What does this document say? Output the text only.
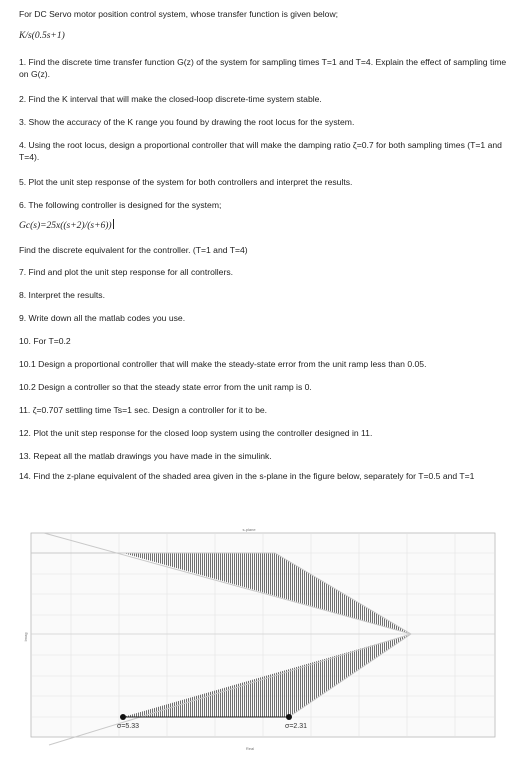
For DC Servo motor position control system, whose transfer function is given below;
K/s(0.5s+1)
1. Find the discrete time transfer function G(z) of the system for sampling times T=1 and T=4. Explain the effect of sampling time on G(z).
2. Find the K interval that will make the closed-loop discrete-time system stable.
3. Show the accuracy of the K range you found by drawing the root locus for the system.
4. Using the root locus, design a proportional controller that will make the damping ratio ζ=0.7 for both sampling times (T=1 and T=4).
5. Plot the unit step response of the system for both controllers and interpret the results.
6. The following controller is designed for the system;
Gc(s)=25x((s+2)/(s+6))
Find the discrete equivalent for the controller. (T=1 and T=4)
7. Find and plot the unit step response for all controllers.
8. Interpret the results.
9. Write down all the matlab codes you use.
10. For T=0.2
10.1 Design a proportional controller that will make the steady-state error from the unit ramp less than 0.05.
10.2 Design a controller so that the steady state error from the unit ramp is 0.
11. ζ=0.707 settling time Ts=1 sec. Design a controller for it to be.
12. Plot the unit step response for the closed loop system using the controller designed in 11.
13. Repeat all the matlab drawings you have made in the simulink.
14. Find the z-plane equivalent of the shaded area given in the s-plane in the figure below, separately for T=0.5 and T=1
s-plane
σ=5.33	σ=2.31
Real
Imag
